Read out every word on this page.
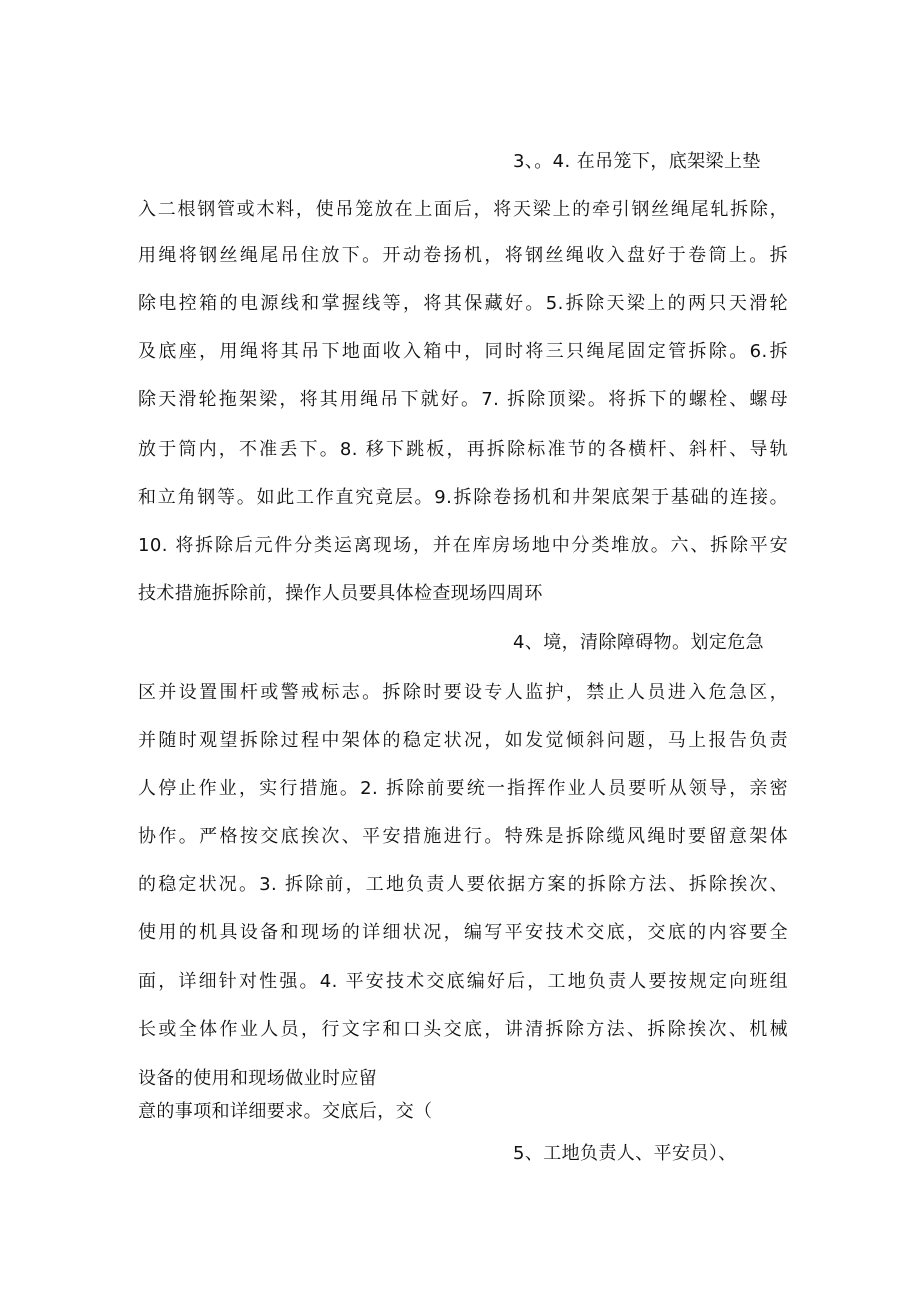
3、。4. 在吊笼下，底架梁上垫
入二根钢管或木料，使吊笼放在上面后，将天梁上的牵引钢丝绳尾轧拆除，
用绳将钢丝绳尾吊住放下。开动卷扬机，将钢丝绳收入盘好于卷筒上。拆
除电控箱的电源线和掌握线等，将其保藏好。5.拆除天梁上的两只天滑轮
及底座，用绳将其吊下地面收入箱中，同时将三只绳尾固定管拆除。6.拆
除天滑轮拖架梁，将其用绳吊下就好。7. 拆除顶梁。将拆下的螺栓、螺母
放于筒内，不准丢下。8. 移下跳板，再拆除标准节的各横杆、斜杆、导轨
和立角钢等。如此工作直究竟层。9.拆除卷扬机和井架底架于基础的连接。
10. 将拆除后元件分类运离现场，并在库房场地中分类堆放。六、拆除平安
技术措施拆除前，操作人员要具体检查现场四周环
4、境，清除障碍物。划定危急
区并设置围杆或警戒标志。拆除时要设专人监护，禁止人员进入危急区，
并随时观望拆除过程中架体的稳定状况，如发觉倾斜问题，马上报告负责
人停止作业，实行措施。2. 拆除前要统一指挥作业人员要听从领导，亲密
协作。严格按交底挨次、平安措施进行。特殊是拆除缆风绳时要留意架体
的稳定状况。3. 拆除前，工地负责人要依据方案的拆除方法、拆除挨次、
使用的机具设备和现场的详细状况，编写平安技术交底，交底的内容要全
面，详细针对性强。4. 平安技术交底编好后，工地负责人要按规定向班组
长或全体作业人员，行文字和口头交底，讲清拆除方法、拆除挨次、机械
设备的使用和现场做业时应留
意的事项和详细要求。交底后，交（
5、工地负责人、平安员）、
